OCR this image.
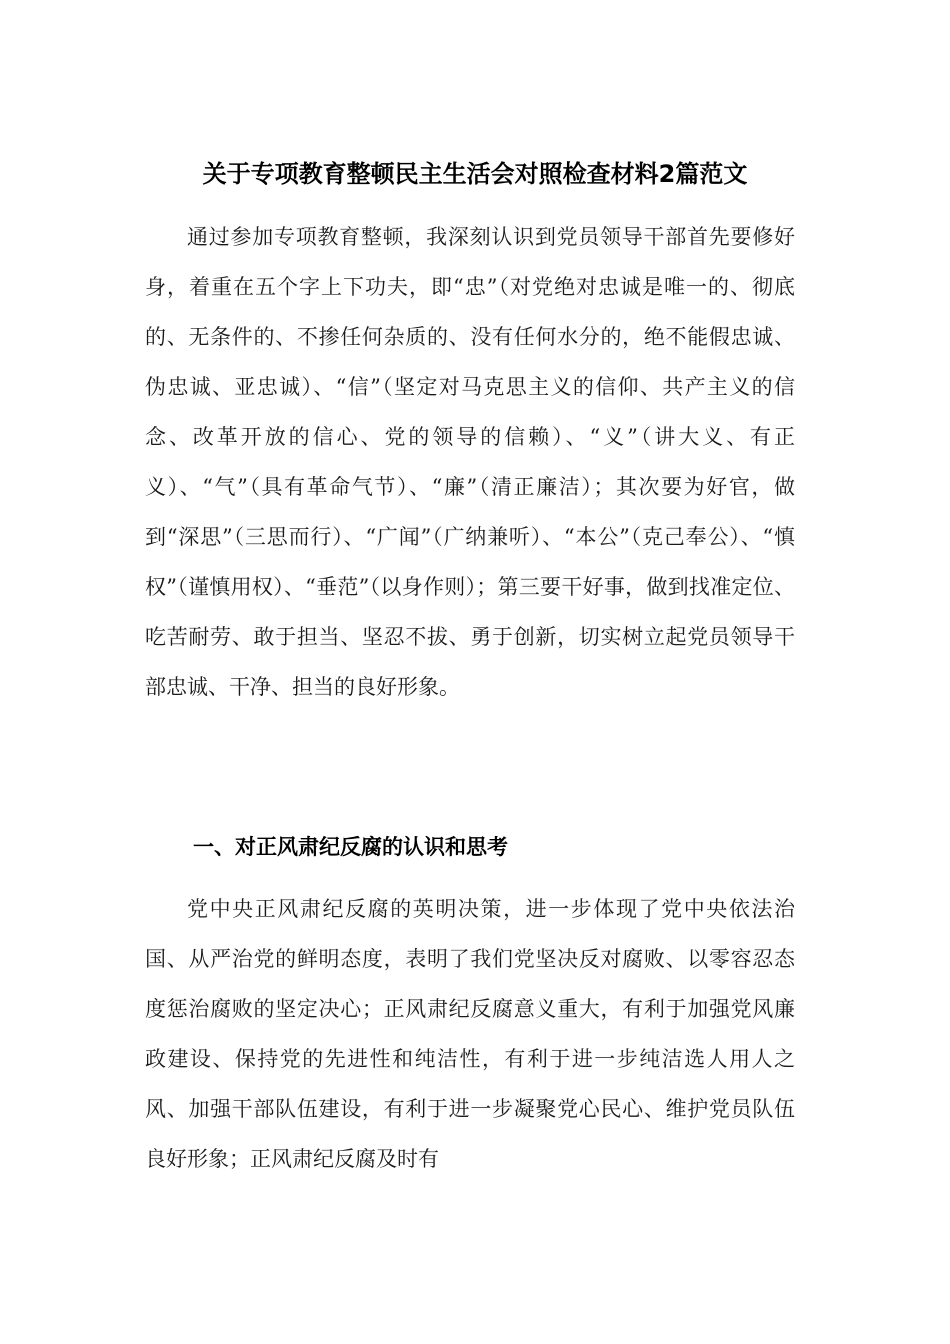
关于专项教育整顿民主生活会对照检查材料2篇范文

通过参加专项教育整顿，我深刻认识到党员领导干部首先要修好身，着重在五个字上下功夫，即“忠”（对党绝对忠诚是唯一的、彻底的、无条件的、不掺任何杂质的、没有任何水分的，绝不能假忠诚、伪忠诚、亚忠诚）、“信”（坚定对马克思主义的信仰、共产主义的信念、改革开放的信心、党的领导的信赖）、“义”（讲大义、有正义）、“气”（具有革命气节）、“廉”（清正廉洁）；其次要为好官，做到“深思”（三思而行）、“广闻”（广纳兼听）、“本公”（克己奉公）、“慎权”（谨慎用权）、“垂范”（以身作则）；第三要干好事，做到找准定位、吃苦耐劳、敢于担当、坚忍不拔、勇于创新，切实树立起党员领导干部忠诚、干净、担当的良好形象。

一、对正风肃纪反腐的认识和思考

党中央正风肃纪反腐的英明决策，进一步体现了党中央依法治国、从严治党的鲜明态度，表明了我们党坚决反对腐败、以零容忍态度惩治腐败的坚定决心；正风肃纪反腐意义重大，有利于加强党风廉政建设、保持党的先进性和纯洁性，有利于进一步纯洁选人用人之风、加强干部队伍建设，有利于进一步凝聚党心民心、维护党员队伍良好形象；正风肃纪反腐及时有
